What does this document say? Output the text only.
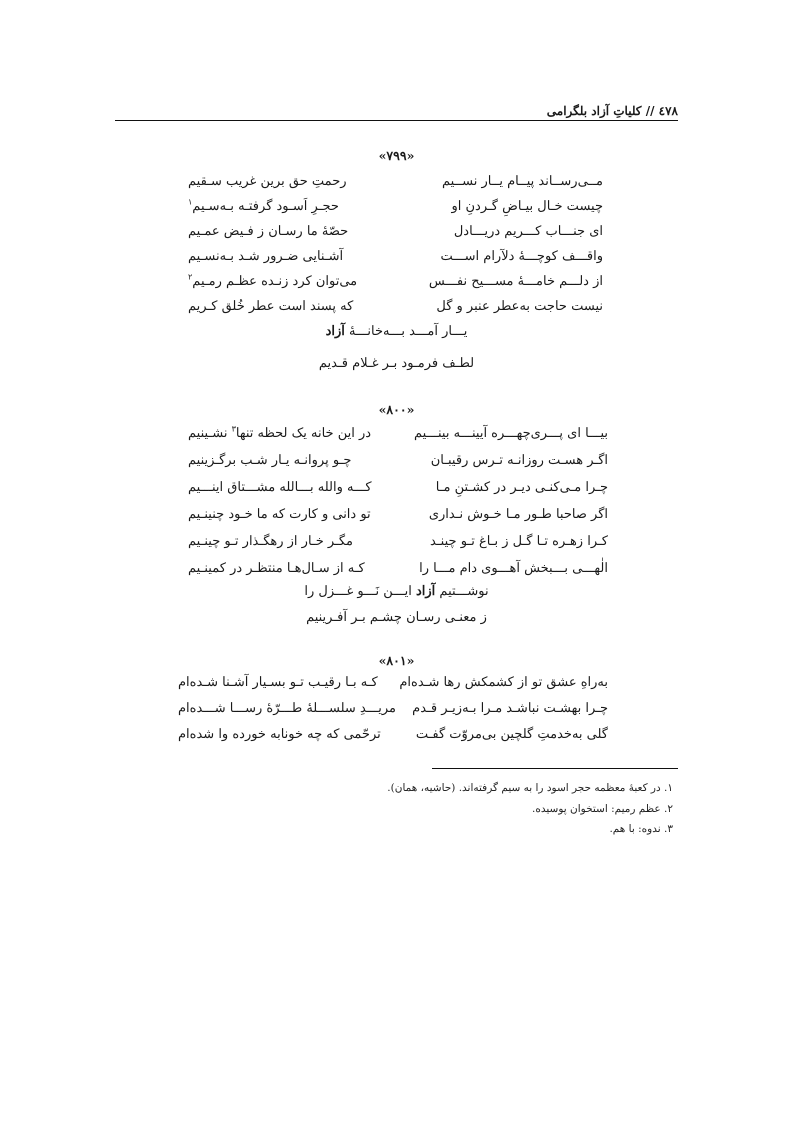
٤٧٨ // کلیاتِ آزاد بلگرامی
«۷۹۹»
مــی‌رســاند پیــام یــار نســیم
رحمتِ حق برین غریب سـقیم
چیست خـال بیـاضِ گـردنِ او
حجـرِ اَسـود گرفتـه بـه‌سـیم$^۱$
ای جنـــاب کـــریم دریـــادل
حصّهٔ ما رسـان ز فـیض عمـیم
واقـــف کوچـــهٔ دلآرام اســـت
آشـنایی ضـرور شـد بـه‌نسـیم
از دلـــم خامـــهٔ مســـیح نفـــس
می‌توان کرد زنـده عظـم رمـیم$^۲$
نیست حاجت به‌عطر عنبر و گل
که پسند است عطر خُلق کـریم
یـــار آمـــد بـــه‌خانـــهٔ آزاد
لطـف فرمـود بـر غـلام قـدیم
«۸۰۰»
بیـــا ای پـــری‌چهـــره آیینـــه بینـــیم
در این خانه یک لحظه تنها$^۳$ نشـینیم
اگـر هسـت روزانـه تـرس رقیبـان
چـو پروانـه یـار شـب برگـزینیم
چـرا مـی‌کنـی دیـر در کشـتنِ مـا
کـــه والله بـــالله مشـــتاق اینـــیم
اگر صاحبا طـور مـا خـوش نـداری
تو دانی و کارت که ما خـود چنینـیم
کـرا زهـره تـا گـل ز بـاغ تـو چینـد
مگـر خـار از رهگـذار تـو چینـیم
الٰهـــی بـــبخش آهـــوی دام مـــا را
کـه از سـال‌هـا منتظـر در کمینـیم
نوشـــتیم آزاد ایـــن نَـــو غـــزل را
ز معنـی رسـان چشـم بـر آفـرینیم
«۸۰۱»
به‌راهِ عشق تو از کشمکش رها شـده‌ام
کـه بـا رقیـب تـو بسـیار آشـنا شـده‌ام
چـرا بهشـت نباشـد مـرا بـه‌زیـر قـدم
مریـــدِ سلســـلهٔ طـــرّهٔ رســـا شـــده‌ام
گلی به‌خدمتِ گلچین بی‌مروّت گفـت
ترحّمی که چه خونابه خورده وا شده‌ام
۱. در کعبهٔ معظمه حجر اسود را به سیم گرفته‌اند. (حاشیه، همان).
۲. عظم رمیم: استخوان پوسیده.
۳. ندوه: با هم.
